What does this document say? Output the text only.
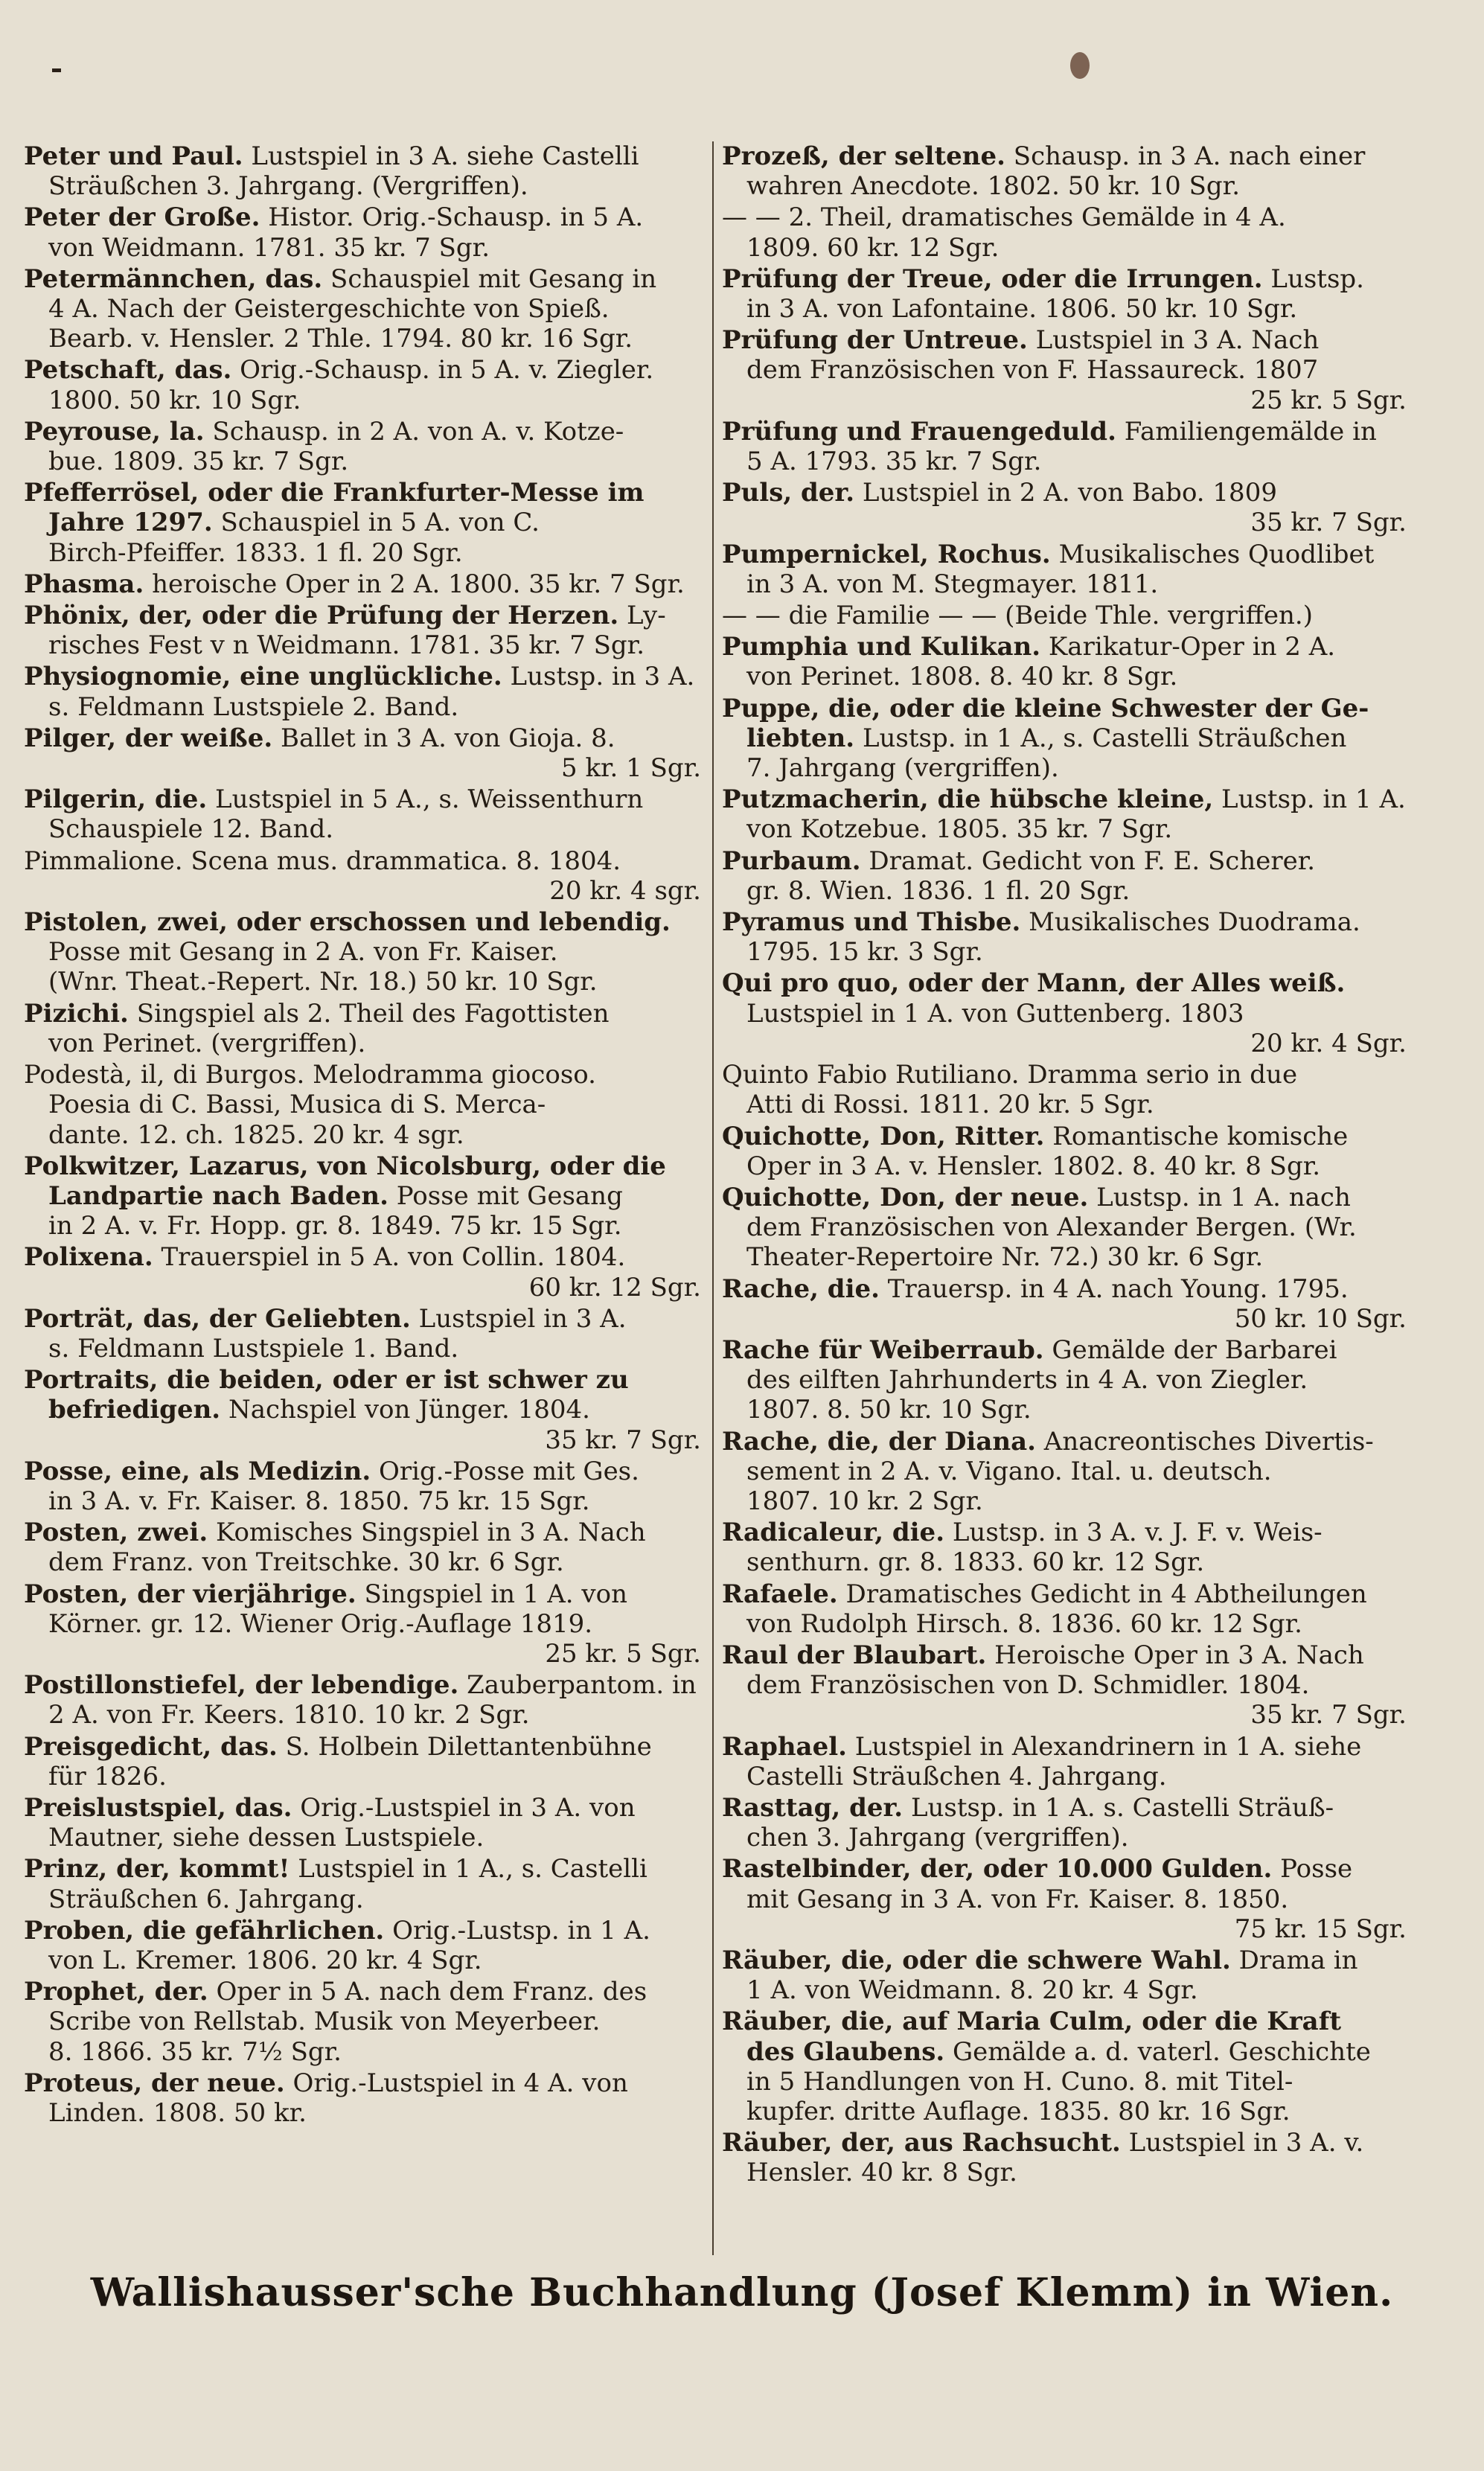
Peter und Paul. Lustspiel in 3 A. siehe Castelli
Sträußchen 3. Jahrgang. (Vergriffen).
Peter der Große. Histor. Orig.-Schausp. in 5 A.
von Weidmann. 1781. 35 kr. 7 Sgr.
Petermännchen, das. Schauspiel mit Gesang in
4 A. Nach der Geistergeschichte von Spieß.
Bearb. v. Hensler. 2 Thle. 1794. 80 kr. 16 Sgr.
Petschaft, das. Orig.-Schausp. in 5 A. v. Ziegler.
1800. 50 kr. 10 Sgr.
Peyrouse, la. Schausp. in 2 A. von A. v. Kotze-
bue. 1809. 35 kr. 7 Sgr.
Pfefferrösel, oder die Frankfurter-Messe im
Jahre 1297. Schauspiel in 5 A. von C.
Birch-Pfeiffer. 1833. 1 fl. 20 Sgr.
Phasma. heroische Oper in 2 A. 1800. 35 kr. 7 Sgr.
Phönix, der, oder die Prüfung der Herzen. Ly-
risches Fest v n Weidmann. 1781. 35 kr. 7 Sgr.
Physiognomie, eine unglückliche. Lustsp. in 3 A.
s. Feldmann Lustspiele 2. Band.
Pilger, der weiße. Ballet in 3 A. von Gioja. 8.
5 kr. 1 Sgr.
Pilgerin, die. Lustspiel in 5 A., s. Weissenthurn
Schauspiele 12. Band.
Pimmalione. Scena mus. drammatica. 8. 1804.
20 kr. 4 sgr.
Pistolen, zwei, oder erschossen und lebendig.
Posse mit Gesang in 2 A. von Fr. Kaiser.
(Wnr. Theat.-Repert. Nr. 18.) 50 kr. 10 Sgr.
Pizichi. Singspiel als 2. Theil des Fagottisten
von Perinet. (vergriffen).
Podestà, il, di Burgos. Melodramma giocoso.
Poesia di C. Bassi, Musica di S. Merca-
dante. 12. ch. 1825. 20 kr. 4 sgr.
Polkwitzer, Lazarus, von Nicolsburg, oder die
Landpartie nach Baden. Posse mit Gesang
in 2 A. v. Fr. Hopp. gr. 8. 1849. 75 kr. 15 Sgr.
Polixena. Trauerspiel in 5 A. von Collin. 1804.
60 kr. 12 Sgr.
Porträt, das, der Geliebten. Lustspiel in 3 A.
s. Feldmann Lustspiele 1. Band.
Portraits, die beiden, oder er ist schwer zu
befriedigen. Nachspiel von Jünger. 1804.
35 kr. 7 Sgr.
Posse, eine, als Medizin. Orig.-Posse mit Ges.
in 3 A. v. Fr. Kaiser. 8. 1850. 75 kr. 15 Sgr.
Posten, zwei. Komisches Singspiel in 3 A. Nach
dem Franz. von Treitschke. 30 kr. 6 Sgr.
Posten, der vierjährige. Singspiel in 1 A. von
Körner. gr. 12. Wiener Orig.-Auflage 1819.
25 kr. 5 Sgr.
Postillonstiefel, der lebendige. Zauberpantom. in
2 A. von Fr. Keers. 1810. 10 kr. 2 Sgr.
Preisgedicht, das. S. Holbein Dilettantenbühne
für 1826.
Preislustspiel, das. Orig.-Lustspiel in 3 A. von
Mautner, siehe dessen Lustspiele.
Prinz, der, kommt! Lustspiel in 1 A., s. Castelli
Sträußchen 6. Jahrgang.
Proben, die gefährlichen. Orig.-Lustsp. in 1 A.
von L. Kremer. 1806. 20 kr. 4 Sgr.
Prophet, der. Oper in 5 A. nach dem Franz. des
Scribe von Rellstab. Musik von Meyerbeer.
8. 1866. 35 kr. 7½ Sgr.
Proteus, der neue. Orig.-Lustspiel in 4 A. von
Linden. 1808. 50 kr.
Prozeß, der seltene. Schausp. in 3 A. nach einer
wahren Anecdote. 1802. 50 kr. 10 Sgr.
— — 2. Theil, dramatisches Gemälde in 4 A.
1809. 60 kr. 12 Sgr.
Prüfung der Treue, oder die Irrungen. Lustsp.
in 3 A. von Lafontaine. 1806. 50 kr. 10 Sgr.
Prüfung der Untreue. Lustspiel in 3 A. Nach
dem Französischen von F. Hassaureck. 1807
25 kr. 5 Sgr.
Prüfung und Frauengeduld. Familiengemälde in
5 A. 1793. 35 kr. 7 Sgr.
Puls, der. Lustspiel in 2 A. von Babo. 1809
35 kr. 7 Sgr.
Pumpernickel, Rochus. Musikalisches Quodlibet
in 3 A. von M. Stegmayer. 1811.
— — die Familie — — (Beide Thle. vergriffen.)
Pumphia und Kulikan. Karikatur-Oper in 2 A.
von Perinet. 1808. 8. 40 kr. 8 Sgr.
Puppe, die, oder die kleine Schwester der Ge-
liebten. Lustsp. in 1 A., s. Castelli Sträußchen
7. Jahrgang (vergriffen).
Putzmacherin, die hübsche kleine, Lustsp. in 1 A.
von Kotzebue. 1805. 35 kr. 7 Sgr.
Purbaum. Dramat. Gedicht von F. E. Scherer.
gr. 8. Wien. 1836. 1 fl. 20 Sgr.
Pyramus und Thisbe. Musikalisches Duodrama.
1795. 15 kr. 3 Sgr.
Qui pro quo, oder der Mann, der Alles weiß.
Lustspiel in 1 A. von Guttenberg. 1803
20 kr. 4 Sgr.
Quinto Fabio Rutiliano. Dramma serio in due
Atti di Rossi. 1811. 20 kr. 5 Sgr.
Quichotte, Don, Ritter. Romantische komische
Oper in 3 A. v. Hensler. 1802. 8. 40 kr. 8 Sgr.
Quichotte, Don, der neue. Lustsp. in 1 A. nach
dem Französischen von Alexander Bergen. (Wr.
Theater-Repertoire Nr. 72.) 30 kr. 6 Sgr.
Rache, die. Trauersp. in 4 A. nach Young. 1795.
50 kr. 10 Sgr.
Rache für Weiberraub. Gemälde der Barbarei
des eilften Jahrhunderts in 4 A. von Ziegler.
1807. 8. 50 kr. 10 Sgr.
Rache, die, der Diana. Anacreontisches Divertis-
sement in 2 A. v. Vigano. Ital. u. deutsch.
1807. 10 kr. 2 Sgr.
Radicaleur, die. Lustsp. in 3 A. v. J. F. v. Weis-
senthurn. gr. 8. 1833. 60 kr. 12 Sgr.
Rafaele. Dramatisches Gedicht in 4 Abtheilungen
von Rudolph Hirsch. 8. 1836. 60 kr. 12 Sgr.
Raul der Blaubart. Heroische Oper in 3 A. Nach
dem Französischen von D. Schmidler. 1804.
35 kr. 7 Sgr.
Raphael. Lustspiel in Alexandrinern in 1 A. siehe
Castelli Sträußchen 4. Jahrgang.
Rasttag, der. Lustsp. in 1 A. s. Castelli Sträuß-
chen 3. Jahrgang (vergriffen).
Rastelbinder, der, oder 10.000 Gulden. Posse
mit Gesang in 3 A. von Fr. Kaiser. 8. 1850.
75 kr. 15 Sgr.
Räuber, die, oder die schwere Wahl. Drama in
1 A. von Weidmann. 8. 20 kr. 4 Sgr.
Räuber, die, auf Maria Culm, oder die Kraft
des Glaubens. Gemälde a. d. vaterl. Geschichte
in 5 Handlungen von H. Cuno. 8. mit Titel-
kupfer. dritte Auflage. 1835. 80 kr. 16 Sgr.
Räuber, der, aus Rachsucht. Lustspiel in 3 A. v.
Hensler. 40 kr. 8 Sgr.
Wallishausser'sche Buchhandlung (Josef Klemm) in Wien.
